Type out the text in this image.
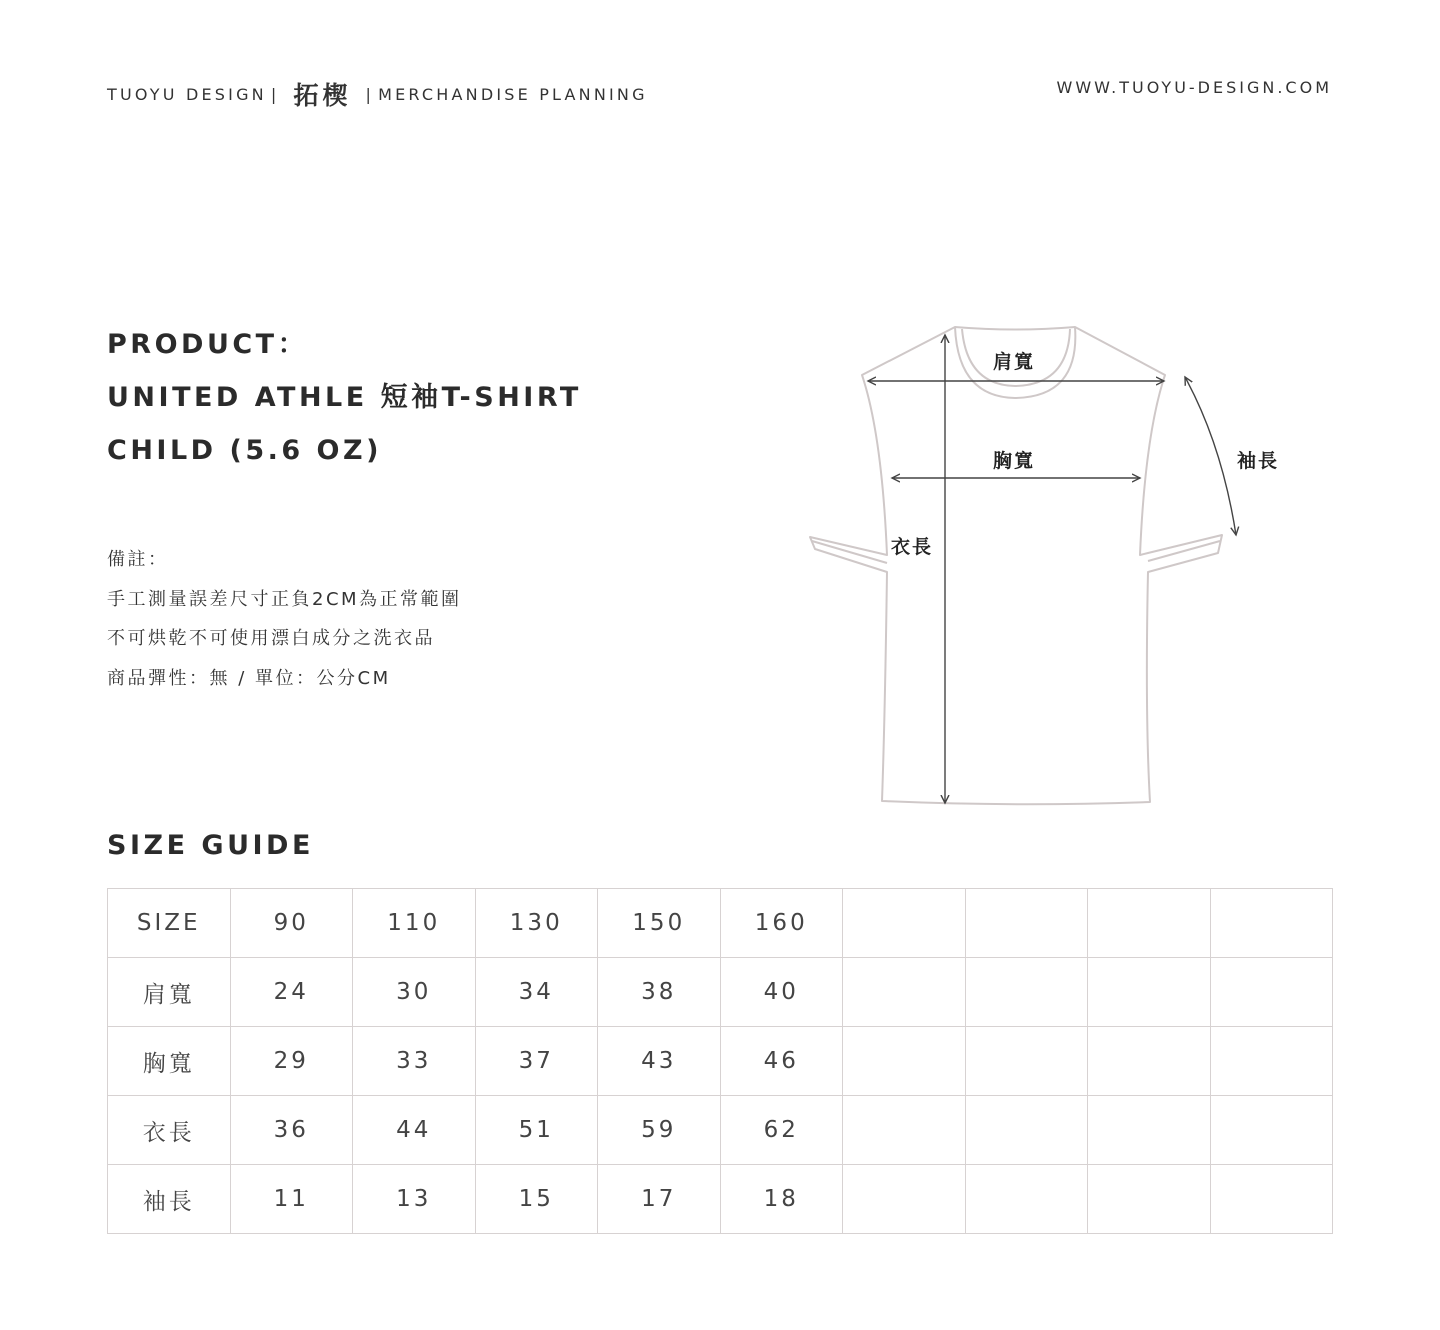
TUOYU DESIGN | 拓楔 | MERCHANDISE PLANNING	WWW.TUOYU-DESIGN.COM
PRODUCT：
UNITED ATHLE 短袖T-SHIRT
CHILD (5.6 OZ)
備註：
手工測量誤差尺寸正負2CM為正常範圍
不可烘乾不可使用漂白成分之洗衣品
商品彈性：無 / 單位：公分CM
肩寬
胸寬
衣長
袖長
SIZE GUIDE
SIZE	90	110	130	150	160				
肩寬	24	30	34	38	40				
胸寬	29	33	37	43	46				
衣長	36	44	51	59	62				
袖長	11	13	15	17	18				
